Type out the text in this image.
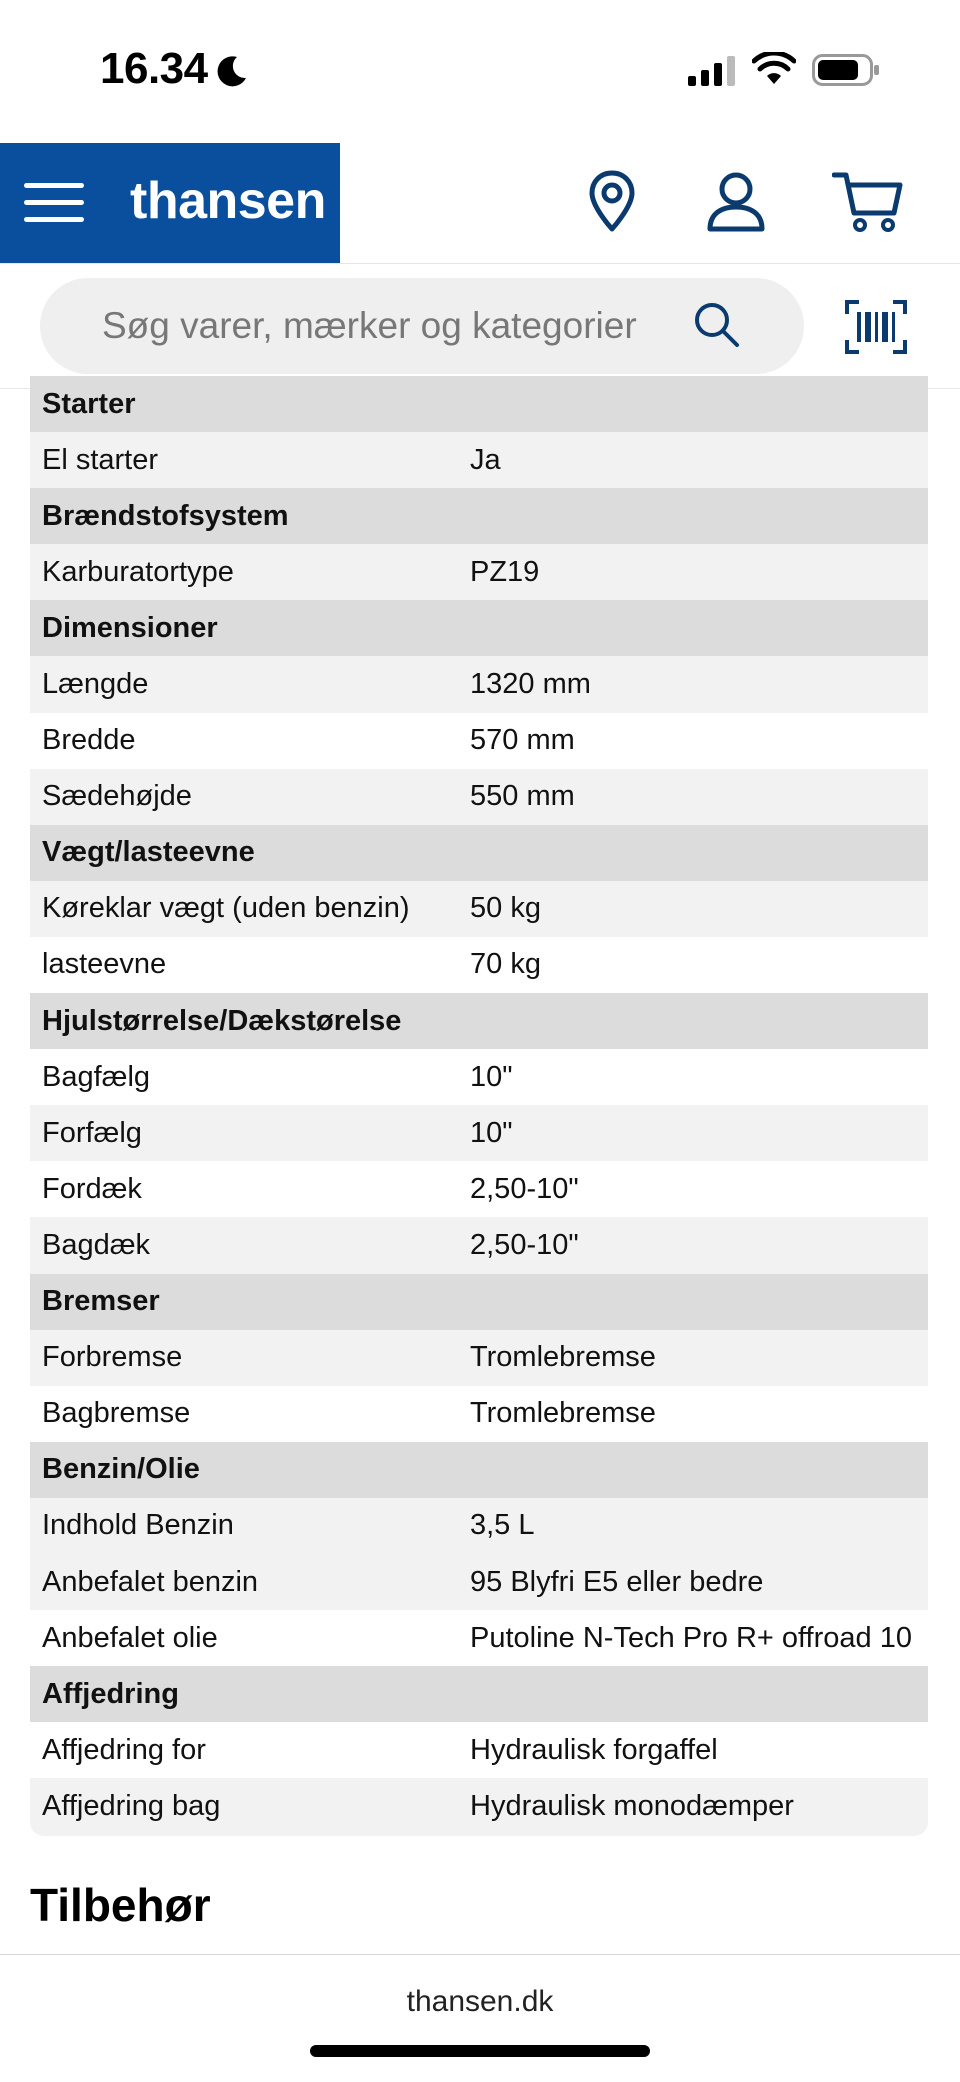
16.34
thansen
Søg varer, mærker og kategorier
Starter	
El starter	Ja
Brændstofsystem	
Karburatortype	PZ19
Dimensioner	
Længde	1320 mm
Bredde	570 mm
Sædehøjde	550 mm
Vægt/lasteevne	
Køreklar vægt (uden benzin)	50 kg
lasteevne	70 kg
Hjulstørrelse/Dækstørelse	
Bagfælg	10"
Forfælg	10"
Fordæk	2,50-10"
Bagdæk	2,50-10"
Bremser	
Forbremse	Tromlebremse
Bagbremse	Tromlebremse
Benzin/Olie	
Indhold Benzin	3,5 L
Anbefalet benzin	95 Blyfri E5 eller bedre
Anbefalet olie	Putoline N-Tech Pro R+ offroad 10
Affjedring	
Affjedring for	Hydraulisk forgaffel
Affjedring bag	Hydraulisk monodæmper
Tilbehør
thansen.dk
